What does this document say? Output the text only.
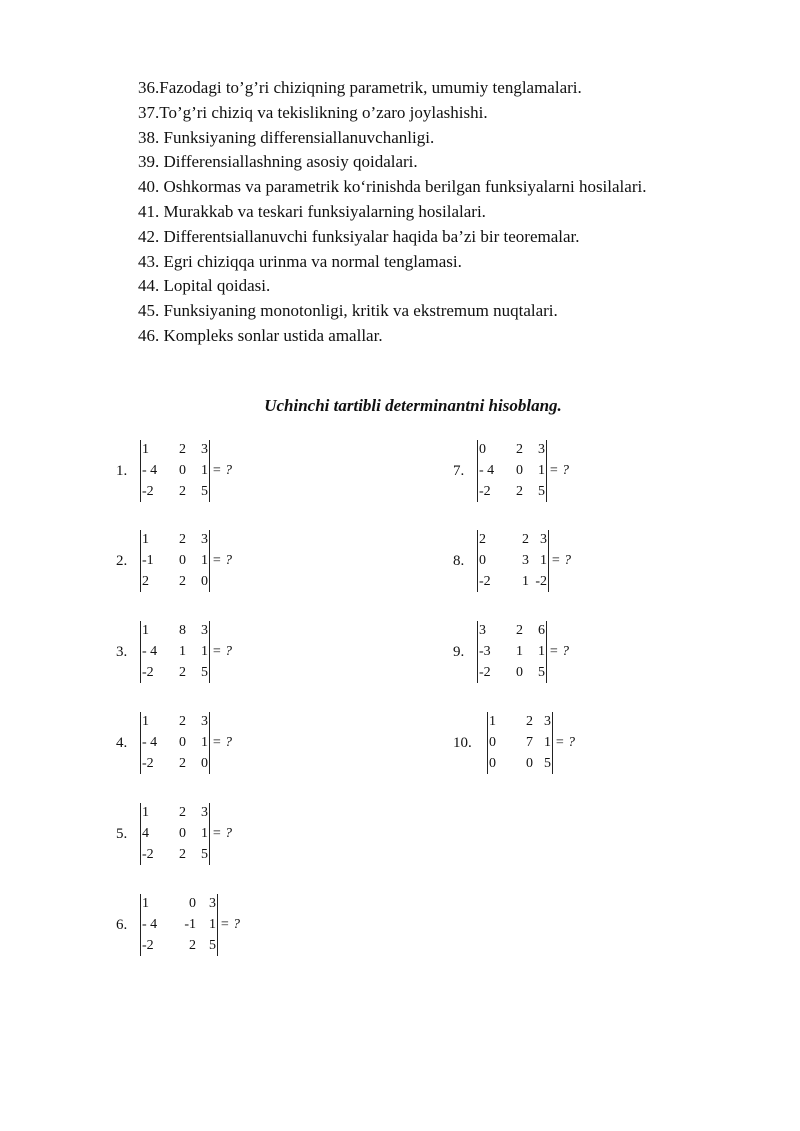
36.Fazodagi to’g’ri chiziqning parametrik, umumiy tenglamalari.
37.To’g’ri chiziq va tekislikning o’zaro joylashishi.
38. Funksiyaning differensiallanuvchanligi.
39. Differensiallashning asosiy qoidalari.
40. Oshkormas va parametrik ko‘rinishda berilgan funksiyalarni hosilalari.
41. Murakkab va teskari funksiyalarning hosilalari.
42. Differentsiallanuvchi funksiyalar haqida ba’zi bir teoremalar.
43. Egri chiziqqa urinma va normal tenglamasi.
44. Lopital qoidasi.
45. Funksiyaning monotonligi, kritik va ekstremum nuqtalari.
46. Kompleks sonlar ustida amallar.
Uchinchi tartibli determinantni hisoblang.
1.
1	2	3
- 4	0	1
-2	2	5
= ?
2.
1	2	3
-1	0	1
2	2	0
= ?
3.
1	8	3
- 4	1	1
-2	2	5
= ?
4.
1	2	3
- 4	0	1
-2	2	0
= ?
5.
1	2	3
4	0	1
-2	2	5
= ?
6.
1	0 3
- 4	-1 1
-2	2 5
= ?
7.
0	2	3
- 4	0	1
-2	2	5
= ?
8.
2	2 3
0	3 1
-2	1 -2
= ?
9.
3	2	6
-3	1	1
-2	0	5
= ?
10.
1	2 3
0	7 1
0	0 5
= ?
